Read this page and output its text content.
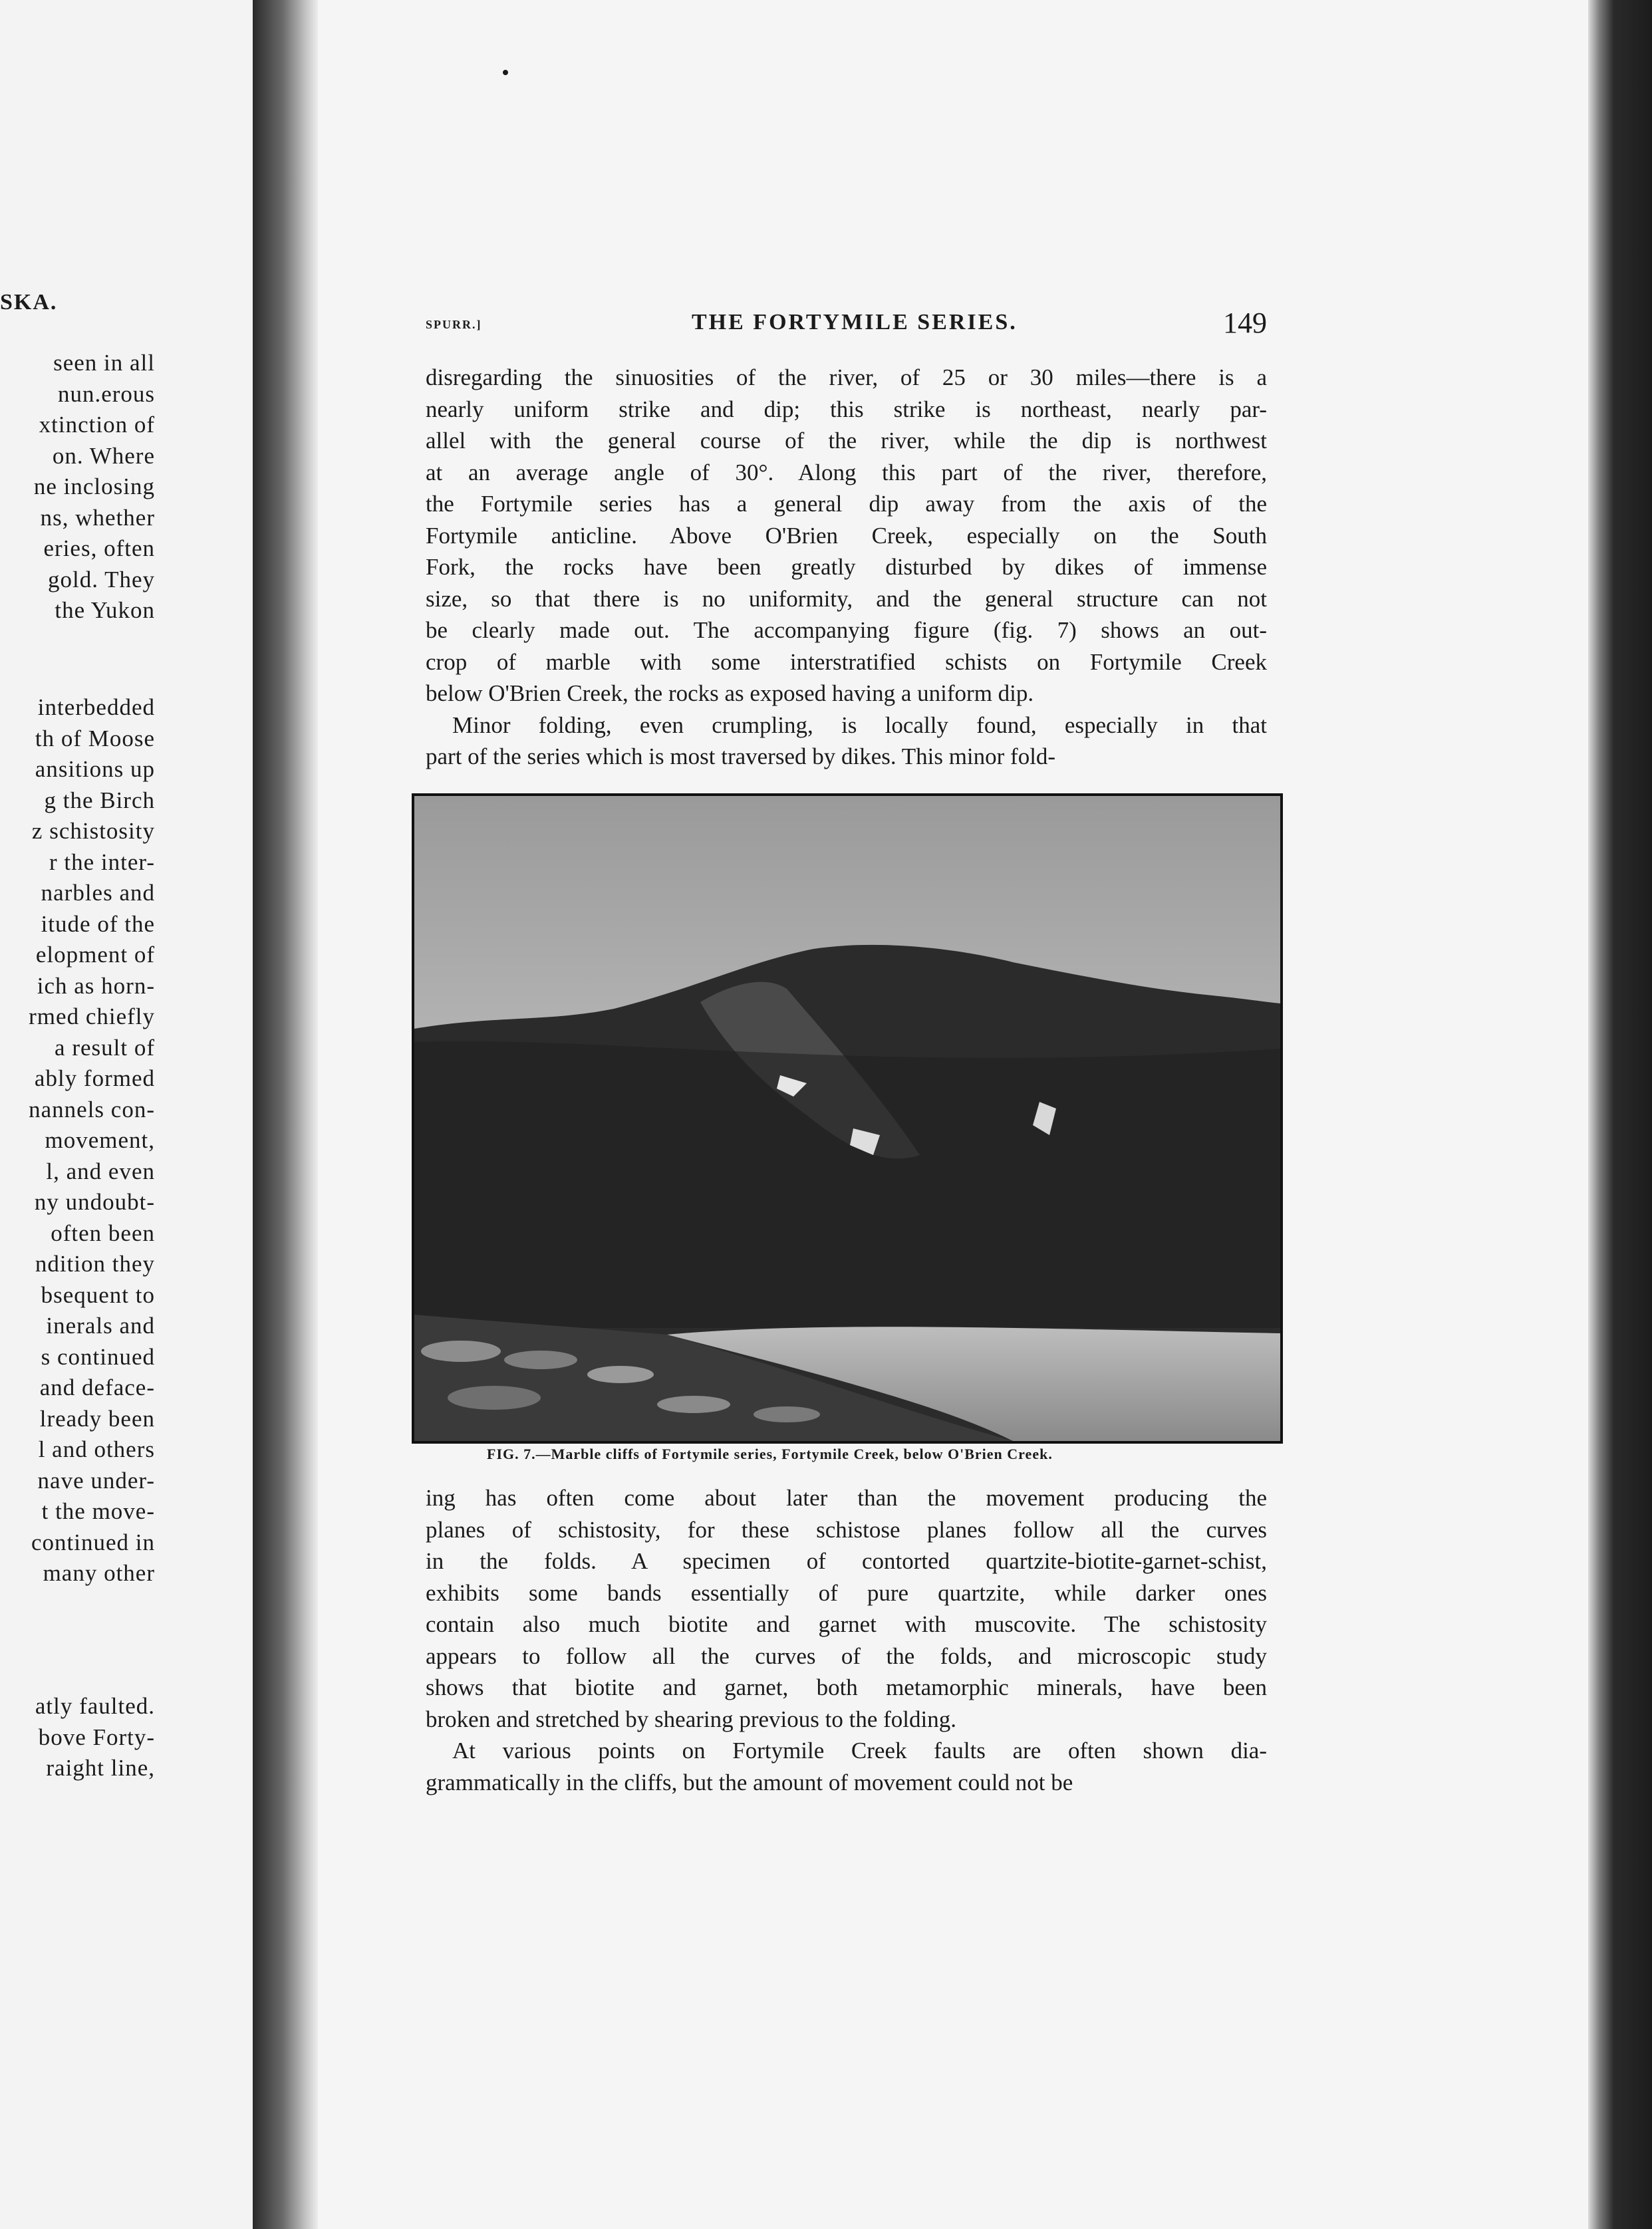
SKA.
seen in all
nun.erous
xtinction of
on. Where
ne inclosing
ns, whether
eries, often
gold. They
the Yukon
interbedded
th of Moose
ansitions up
g the Birch
z schistosity
r the inter-
narbles and
itude of the
elopment of
ich as horn-
rmed chiefly
a result of
ably formed
nannels con-
movement,
l, and even
ny undoubt-
often been
ndition they
bsequent to
inerals and
s continued
and deface-
lready been
l and others
nave under-
t the move-
continued in
many other
atly faulted.
bove Forty-
raight line,
SPURR.]	THE FORTYMILE SERIES.	149
disregarding the sinuosities of the river, of 25 or 30 miles—there is a
nearly uniform strike and dip; this strike is northeast, nearly par-
allel with the general course of the river, while the dip is northwest
at an average angle of 30°. Along this part of the river, therefore,
the Fortymile series has a general dip away from the axis of the
Fortymile anticline. Above O'Brien Creek, especially on the South
Fork, the rocks have been greatly disturbed by dikes of immense
size, so that there is no uniformity, and the general structure can not
be clearly made out. The accompanying figure (fig. 7) shows an out-
crop of marble with some interstratified schists on Fortymile Creek
below O'Brien Creek, the rocks as exposed having a uniform dip.
Minor folding, even crumpling, is locally found, especially in that
part of the series which is most traversed by dikes. This minor fold-
FIG. 7.—Marble cliffs of Fortymile series, Fortymile Creek, below O'Brien Creek.
ing has often come about later than the movement producing the
planes of schistosity, for these schistose planes follow all the curves
in the folds. A specimen of contorted quartzite-biotite-garnet-schist,
exhibits some bands essentially of pure quartzite, while darker ones
contain also much biotite and garnet with muscovite. The schistosity
appears to follow all the curves of the folds, and microscopic study
shows that biotite and garnet, both metamorphic minerals, have been
broken and stretched by shearing previous to the folding.
At various points on Fortymile Creek faults are often shown dia-
grammatically in the cliffs, but the amount of movement could not be
